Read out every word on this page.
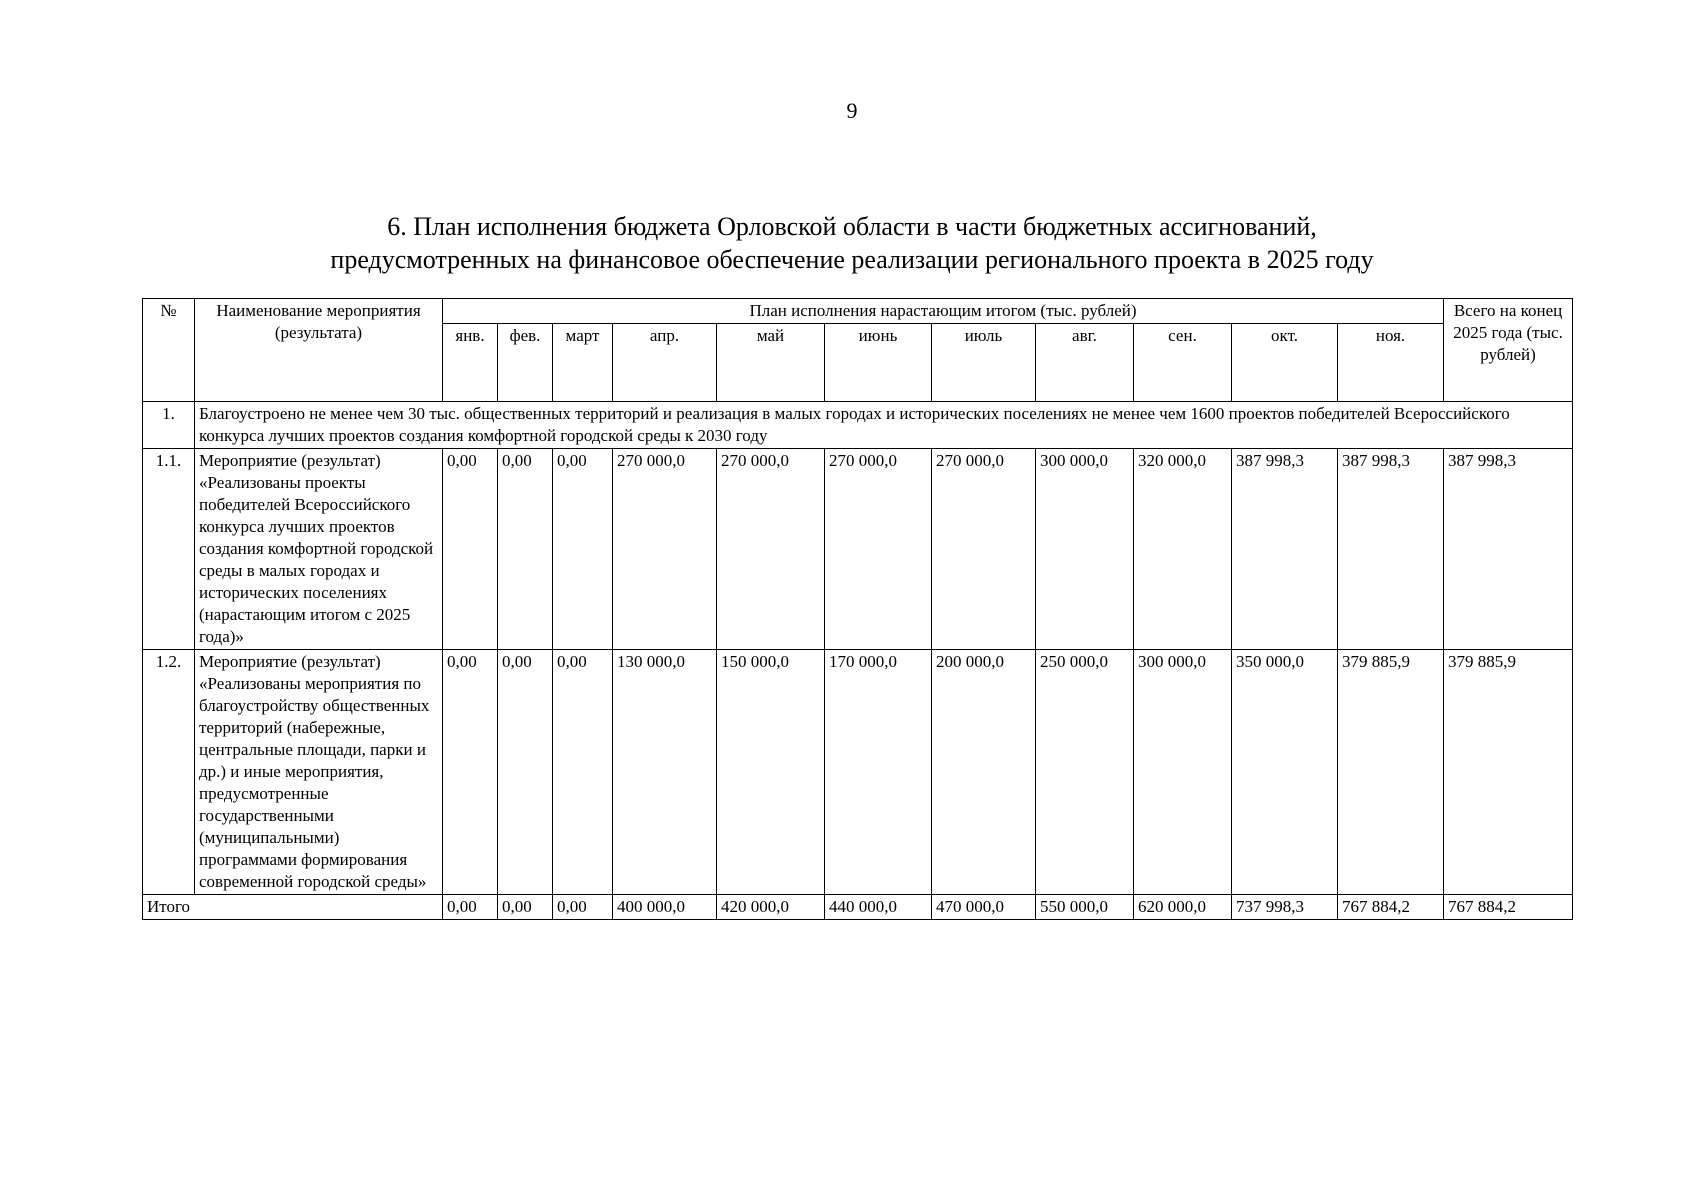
9
6. План исполнения бюджета Орловской области в части бюджетных ассигнований,
предусмотренных на финансовое обеспечение реализации регионального проекта в 2025 году
№	Наименование мероприятия (результата)	План исполнения нарастающим итогом (тыс. рублей)											Всего на конец 2025 года (тыс. рублей)
		янв.	фев.	март	апр.	май	июнь	июль	авг.	сен.	окт.	ноя.	
1.	Благоустроено не менее чем 30 тыс. общественных территорий и реализация в малых городах и исторических поселениях не менее чем 1600 проектов победителей Всероссийского конкурса лучших проектов создания комфортной городской среды к 2030 году												
1.1.	Мероприятие (результат) «Реализованы проекты победителей Всероссийского конкурса лучших проектов создания комфортной городской среды в малых городах и исторических поселениях (нарастающим итогом с 2025 года)»	0,00	0,00	0,00	270 000,0	270 000,0	270 000,0	270 000,0	300 000,0	320 000,0	387 998,3	387 998,3	387 998,3
1.2.	Мероприятие (результат) «Реализованы мероприятия по благоустройству общественных территорий (набережные, центральные площади, парки и др.) и иные мероприятия, предусмотренные государственными (муниципальными) программами формирования современной городской среды»	0,00	0,00	0,00	130 000,0	150 000,0	170 000,0	200 000,0	250 000,0	300 000,0	350 000,0	379 885,9	379 885,9
Итого		0,00	0,00	0,00	400 000,0	420 000,0	440 000,0	470 000,0	550 000,0	620 000,0	737 998,3	767 884,2	767 884,2
